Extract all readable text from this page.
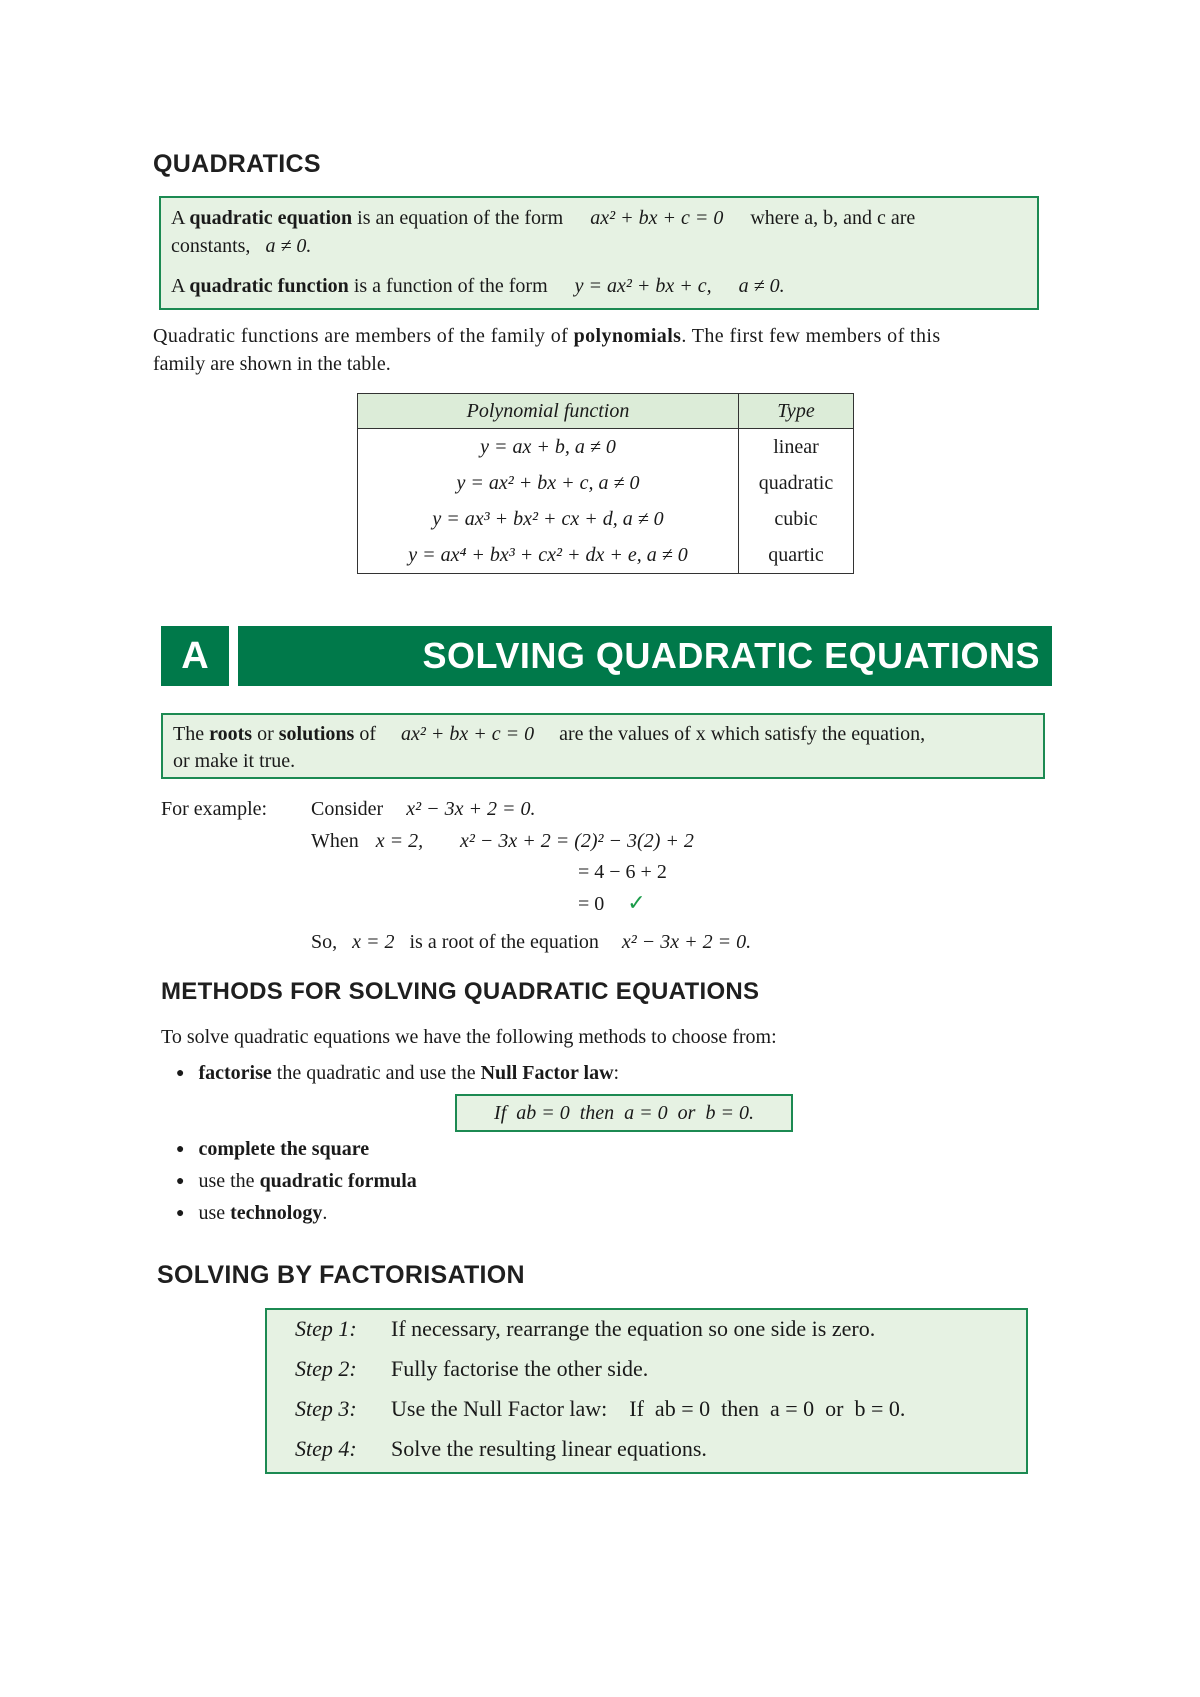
QUADRATICS
A quadratic equation is an equation of the form ax² + bx + c = 0 where a, b, and c are
constants, a ≠ 0.
A quadratic function is a function of the form y = ax² + bx + c, a ≠ 0.
Quadratic functions are members of the family of polynomials. The first few members of this
family are shown in the table.
Polynomial function	Type
y = ax + b, a ≠ 0	linear
y = ax² + bx + c, a ≠ 0	quadratic
y = ax³ + bx² + cx + d, a ≠ 0	cubic
y = ax⁴ + bx³ + cx² + dx + e, a ≠ 0	quartic
A	SOLVING QUADRATIC EQUATIONS
The roots or solutions of ax² + bx + c = 0 are the values of x which satisfy the equation,
or make it true.
For example: Consider x² − 3x + 2 = 0.
When x = 2, x² − 3x + 2 = (2)² − 3(2) + 2
= 4 − 6 + 2
= 0 ✓
So, x = 2 is a root of the equation x² − 3x + 2 = 0.
METHODS FOR SOLVING QUADRATIC EQUATIONS
To solve quadratic equations we have the following methods to choose from:
● factorise the quadratic and use the Null Factor law:
If  ab = 0  then  a = 0  or  b = 0.
● complete the square
● use the quadratic formula
● use technology.
SOLVING BY FACTORISATION
Step 1: If necessary, rearrange the equation so one side is zero.
Step 2: Fully factorise the other side.
Step 3: Use the Null Factor law:    If  ab = 0  then  a = 0  or  b = 0.
Step 4: Solve the resulting linear equations.
